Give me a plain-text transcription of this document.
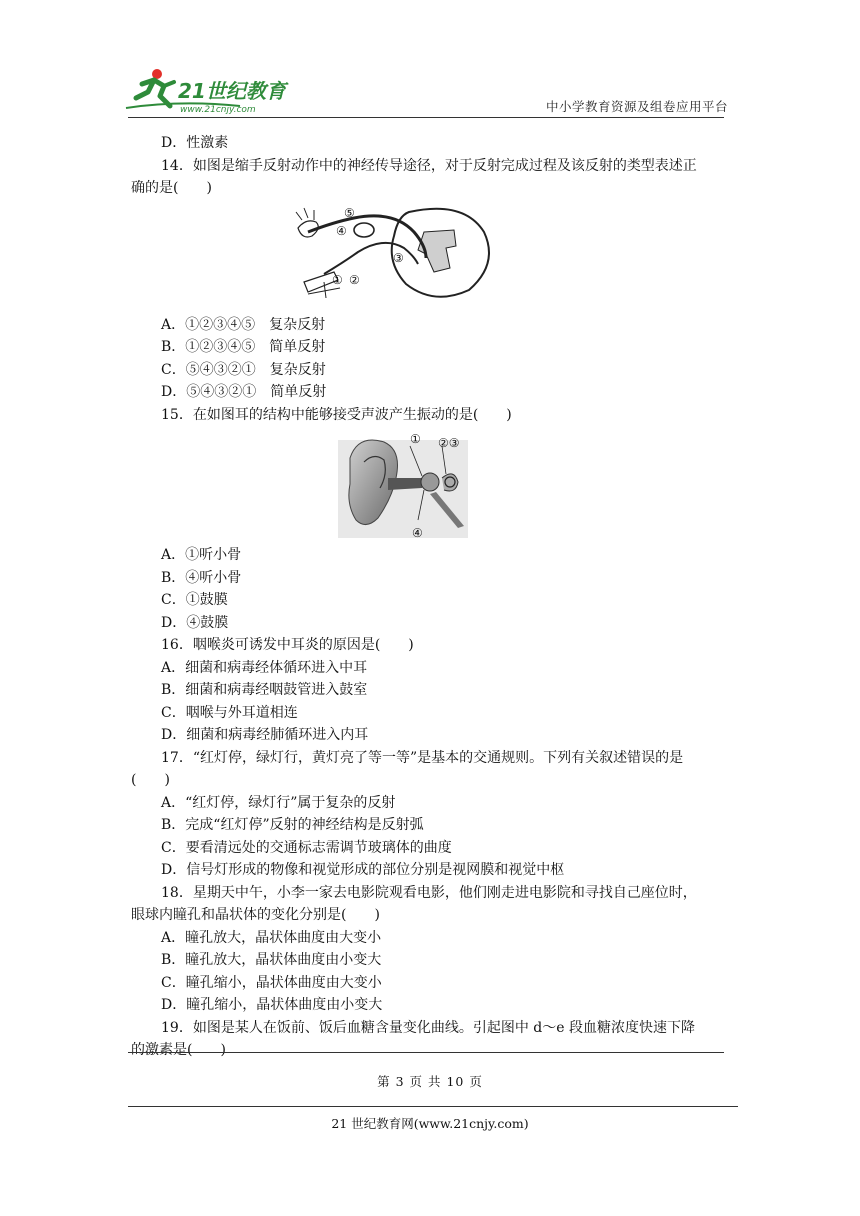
21世纪教育
www.21cnjy.com	中小学教育资源及组卷应用平台
D．性激素
14．如图是缩手反射动作中的神经传导途径，对于反射完成过程及该反射的类型表述正
确的是(　　)
⑤
④
③
① ②
A．①②③④⑤　复杂反射
B．①②③④⑤　简单反射
C．⑤④③②①　复杂反射
D．⑤④③②①　简单反射
15．在如图耳的结构中能够接受声波产生振动的是(　　)
① ②③
④
A．①听小骨
B．④听小骨
C．①鼓膜
D．④鼓膜
16．咽喉炎可诱发中耳炎的原因是(　　)
A．细菌和病毒经体循环进入中耳
B．细菌和病毒经咽鼓管进入鼓室
C．咽喉与外耳道相连
D．细菌和病毒经肺循环进入内耳
17．“红灯停，绿灯行，黄灯亮了等一等”是基本的交通规则。下列有关叙述错误的是
(　　)
A．“红灯停，绿灯行”属于复杂的反射
B．完成“红灯停”反射的神经结构是反射弧
C．要看清远处的交通标志需调节玻璃体的曲度
D．信号灯形成的物像和视觉形成的部位分别是视网膜和视觉中枢
18．星期天中午，小李一家去电影院观看电影，他们刚走进电影院和寻找自己座位时，
眼球内瞳孔和晶状体的变化分别是(　　)
A．瞳孔放大，晶状体曲度由大变小
B．瞳孔放大，晶状体曲度由小变大
C．瞳孔缩小，晶状体曲度由大变小
D．瞳孔缩小，晶状体曲度由小变大
19．如图是某人在饭前、饭后血糖含量变化曲线。引起图中 d～e 段血糖浓度快速下降
的激素是(　　)
第 3 页 共 10 页
21 世纪教育网(www.21cnjy.com)
